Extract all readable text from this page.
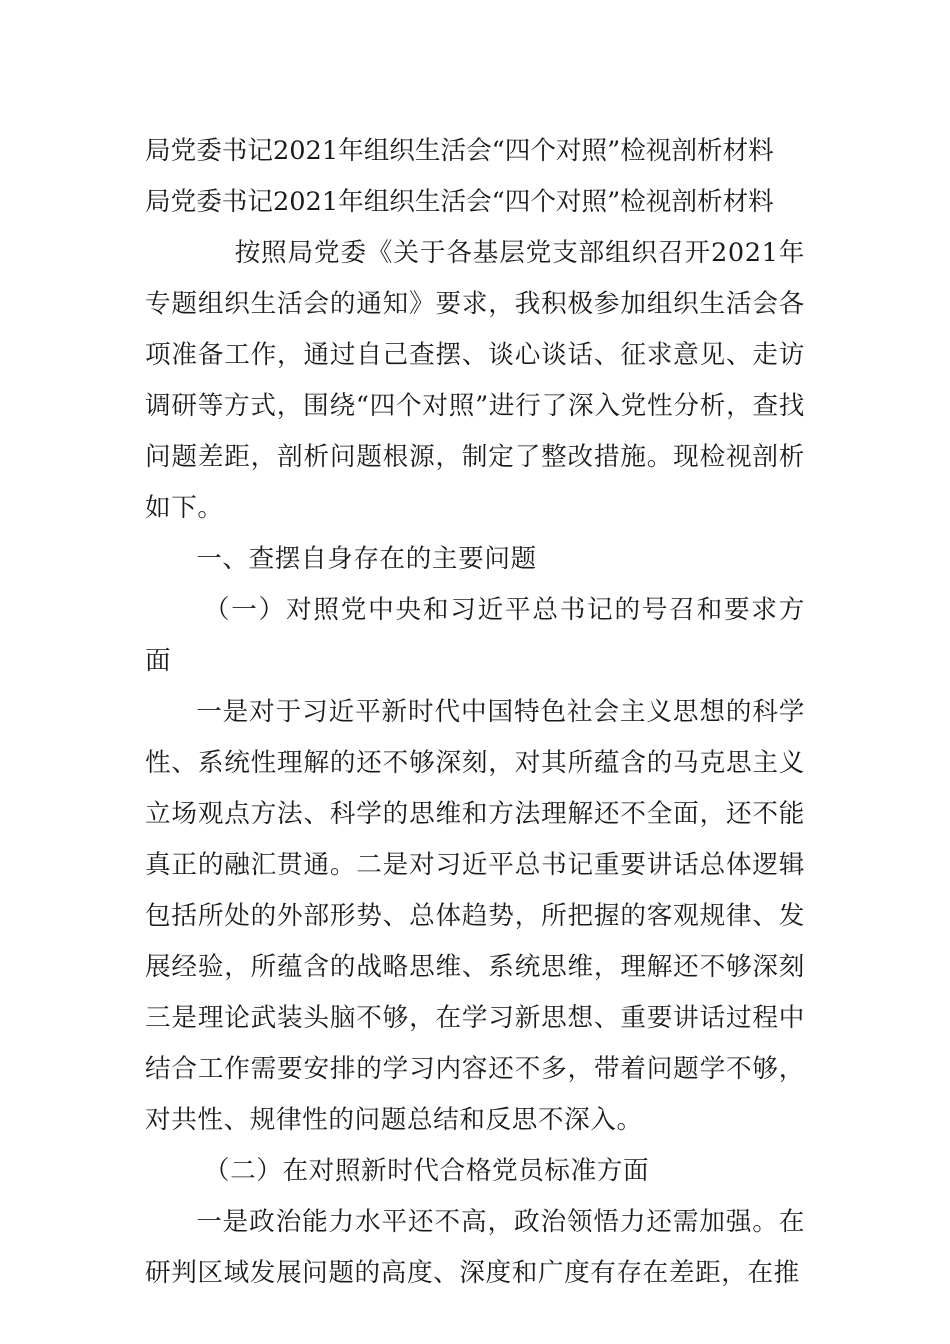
局党委书记2021年组织生活会“四个对照”检视剖析材料

局党委书记2021年组织生活会“四个对照”检视剖析材料

按照局党委《关于各基层党支部组织召开2021年专题组织生活会的通知》要求，我积极参加组织生活会各项准备工作，通过自己查摆、谈心谈话、征求意见、走访调研等方式，围绕“四个对照”进行了深入党性分析，查找问题差距，剖析问题根源，制定了整改措施。现检视剖析如下。

一、查摆自身存在的主要问题

（一）对照党中央和习近平总书记的号召和要求方面

一是对于习近平新时代中国特色社会主义思想的科学性、系统性理解的还不够深刻，对其所蕴含的马克思主义立场观点方法、科学的思维和方法理解还不全面，还不能真正的融汇贯通。二是对习近平总书记重要讲话总体逻辑包括所处的外部形势、总体趋势，所把握的客观规律、发展经验，所蕴含的战略思维、系统思维，理解还不够深刻三是理论武装头脑不够，在学习新思想、重要讲话过程中结合工作需要安排的学习内容还不多，带着问题学不够，对共性、规律性的问题总结和反思不深入。

（二）在对照新时代合格党员标准方面

一是政治能力水平还不高，政治领悟力还需加强。在研判区域发展问题的高度、深度和广度有存在差距，在推
